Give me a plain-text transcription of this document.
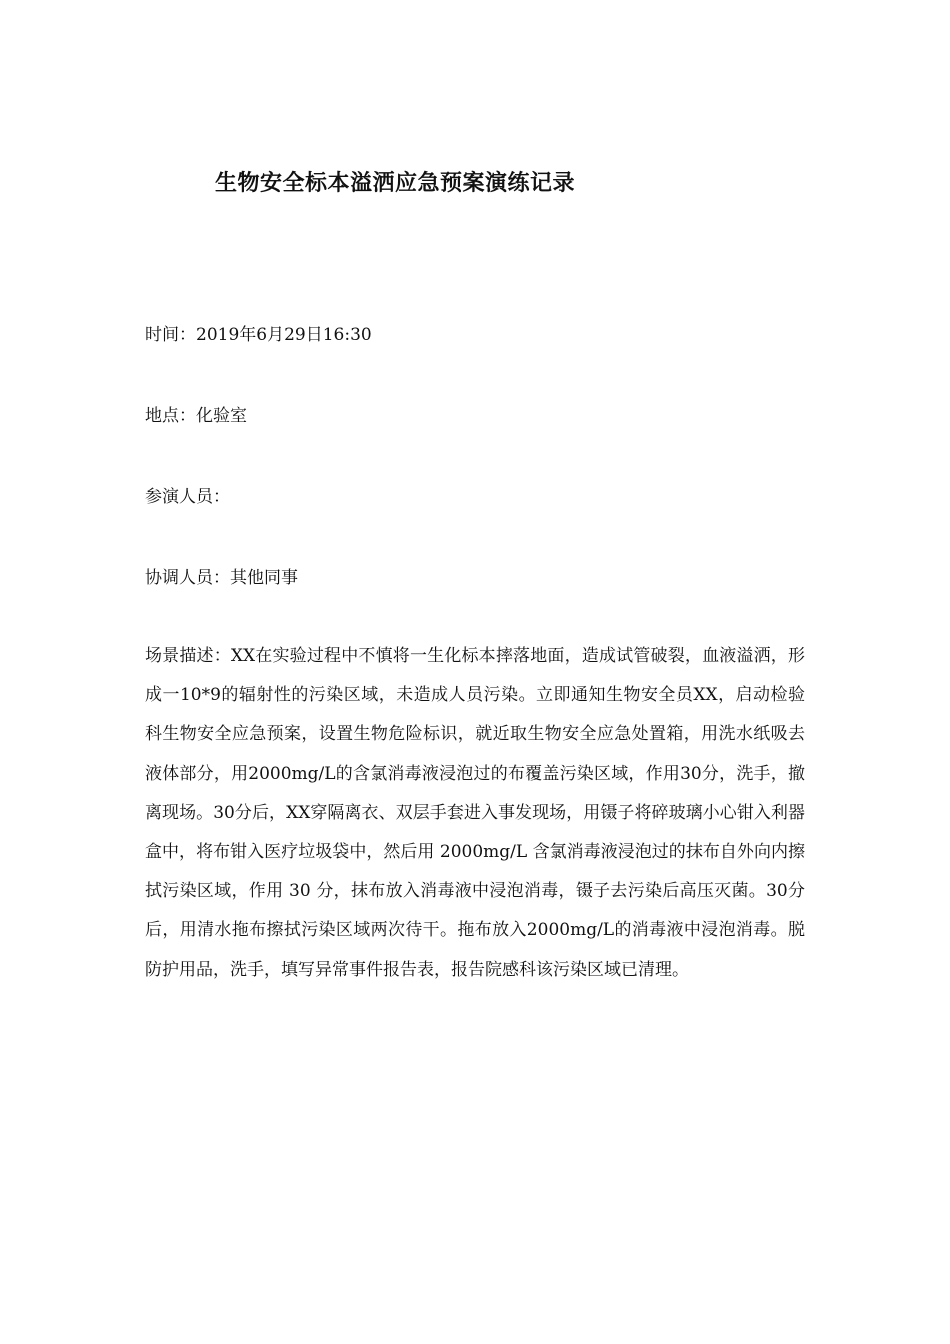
生物安全标本溢洒应急预案演练记录

时间：2019年6月29日16:30

地点：化验室

参演人员：

协调人员：其他同事

场景描述：XX在实验过程中不慎将一生化标本摔落地面，造成试管破裂，血液溢洒，形成一10*9的辐射性的污染区域，未造成人员污染。立即通知生物安全员XX，启动检验科生物安全应急预案，设置生物危险标识，就近取生物安全应急处置箱，用洗水纸吸去液体部分，用2000mg/L的含氯消毒液浸泡过的布覆盖污染区域，作用30分，洗手，撤离现场。30分后，XX穿隔离衣、双层手套进入事发现场，用镊子将碎玻璃小心钳入利器盒中，将布钳入医疗垃圾袋中，然后用 2000mg/L 含氯消毒液浸泡过的抹布自外向内擦拭污染区域，作用 30 分，抹布放入消毒液中浸泡消毒，镊子去污染后高压灭菌。30分后，用清水拖布擦拭污染区域两次待干。拖布放入2000mg/L的消毒液中浸泡消毒。脱防护用品，洗手，填写异常事件报告表，报告院感科该污染区域已清理。
